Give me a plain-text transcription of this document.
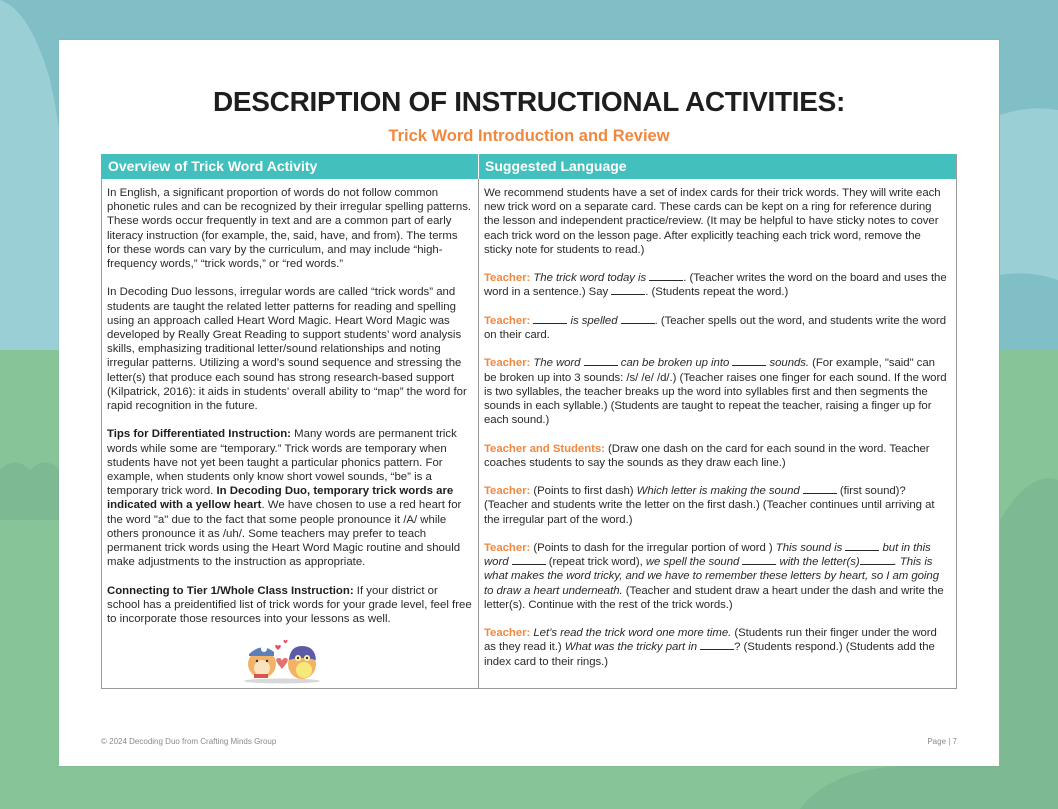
DESCRIPTION OF INSTRUCTIONAL ACTIVITIES:
Trick Word Introduction and Review
Overview of Trick Word Activity	Suggested Language

In English, a significant proportion of words do not follow common phonetic rules and can be recognized by their irregular spelling patterns. These words occur frequently in text and are a common part of early literacy instruction (for example, the, said, have, and from). The terms for these words can vary by the curriculum, and may include “high-frequency words,” “trick words,” or “red words.”

In Decoding Duo lessons, irregular words are called “trick words” and students are taught the related letter patterns for reading and spelling using an approach called Heart Word Magic. Heart Word Magic was developed by Really Great Reading to support students’ word analysis skills, emphasizing traditional letter/sound relationships and noting irregular patterns. Utilizing a word’s sound sequence and stressing the letter(s) that produce each sound has strong research-based support (Kilpatrick, 2016): it aids in students’ overall ability to “map” the word for rapid recognition in the future.

Tips for Differentiated Instruction: Many words are permanent trick words while some are “temporary.” Trick words are temporary when students have not yet been taught a particular phonics pattern. For example, when students only know short vowel sounds, “be” is a temporary trick word. In Decoding Duo, temporary trick words are indicated with a yellow heart. We have chosen to use a red heart for the word "a" due to the fact that some people pronounce it /A/ while others pronounce it as /uh/. Some teachers may prefer to teach permanent trick words using the Heart Word Magic routine and should make adjustments to the instruction as appropriate.

Connecting to Tier 1/Whole Class Instruction: If your district or school has a preidentified list of trick words for your grade level, feel free to incorporate those resources into your lessons as well.

We recommend students have a set of index cards for their trick words. They will write each new trick word on a separate card. These cards can be kept on a ring for reference during the lesson and independent practice/review. (It may be helpful to have sticky notes to cover each trick word on the lesson page. After explicitly teaching each trick word, remove the sticky note for students to read.)

Teacher: The trick word today is	. (Teacher writes the word on the board and uses the word in a sentence.) Say	. (Students repeat the word.)

Teacher:	is spelled	. (Teacher spells out the word, and students write the word on their card.

Teacher: The word	can be broken up into	sounds. (For example, "said" can be broken up into 3 sounds: /s/ /e/ /d/.) (Teacher raises one finger for each sound. If the word is two syllables, the teacher breaks up the word into syllables first and then segments the sounds in each syllable.) (Students are taught to repeat the teacher, raising a finger up for each sound.)

Teacher and Students: (Draw one dash on the card for each sound in the word. Teacher coaches students to say the sounds as they draw each line.)

Teacher: (Points to first dash) Which letter is making the sound	(first sound)? (Teacher and students write the letter on the first dash.) (Teacher continues until arriving at the irregular part of the word.)

Teacher: (Points to dash for the irregular portion of word ) This sound is	but in this word	(repeat trick word), we spell the sound	with the letter(s)	. This is what makes the word tricky, and we have to remember these letters by heart, so I am going to draw a heart underneath. (Teacher and student draw a heart under the dash and write the letter(s). Continue with the rest of the trick words.)

Teacher: Let’s read the trick word one more time. (Students run their finger under the word as they read it.) What was the tricky part in	? (Students respond.) (Students add the index card to their rings.)

© 2024 Decoding Duo from Crafting Minds Group	Page | 7
